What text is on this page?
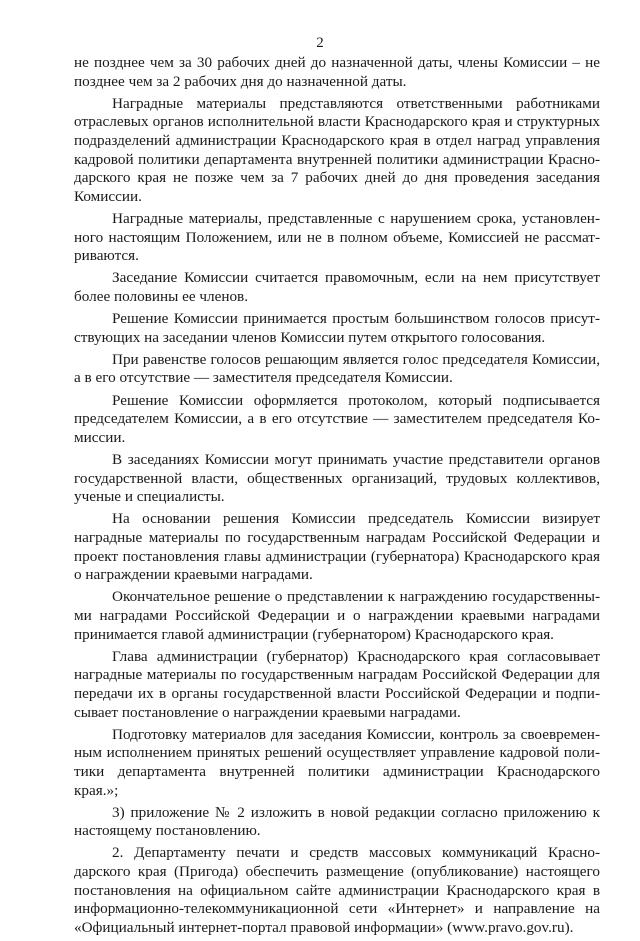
2

не позднее чем за 30 рабочих дней до назначенной даты, члены Комиссии – не позднее чем за 2 рабочих дня до назначенной даты.

Наградные материалы представляются ответственными работниками отраслевых органов исполнительной власти Краснодарского края и структурных подразделений администрации Краснодарского края в отдел наград управления кадровой политики департамента внутренней политики администрации Краснодарского края не позже чем за 7 рабочих дней до дня проведения заседания Комиссии.

Наградные материалы, представленные с нарушением срока, установленного настоящим Положением, или не в полном объеме, Комиссией не рассматриваются.

Заседание Комиссии считается правомочным, если на нем присутствует более половины ее членов.

Решение Комиссии принимается простым большинством голосов присутствующих на заседании членов Комиссии путем открытого голосования.

При равенстве голосов решающим является голос председателя Комиссии, а в его отсутствие — заместителя председателя Комиссии.

Решение Комиссии оформляется протоколом, который подписывается председателем Комиссии, а в его отсутствие — заместителем председателя Комиссии.

В заседаниях Комиссии могут принимать участие представители органов государственной власти, общественных организаций, трудовых коллективов, ученые и специалисты.

На основании решения Комиссии председатель Комиссии визирует наградные материалы по государственным наградам Российской Федерации и проект постановления главы администрации (губернатора) Краснодарского края о награждении краевыми наградами.

Окончательное решение о представлении к награждению государственными наградами Российской Федерации и о награждении краевыми наградами принимается главой администрации (губернатором) Краснодарского края.

Глава администрации (губернатор) Краснодарского края согласовывает наградные материалы по государственным наградам Российской Федерации для передачи их в органы государственной власти Российской Федерации и подписывает постановление о награждении краевыми наградами.

Подготовку материалов для заседания Комиссии, контроль за своевременным исполнением принятых решений осуществляет управление кадровой политики департамента внутренней политики администрации Краснодарского края.»;

3) приложение № 2 изложить в новой редакции согласно приложению к настоящему постановлению.

2. Департаменту печати и средств массовых коммуникаций Краснодарского края (Пригода) обеспечить размещение (опубликование) настоящего постановления на официальном сайте администрации Краснодарского края в информационно-телекоммуникационной сети «Интернет» и направление на «Официальный интернет-портал правовой информации» (www.pravo.gov.ru).
